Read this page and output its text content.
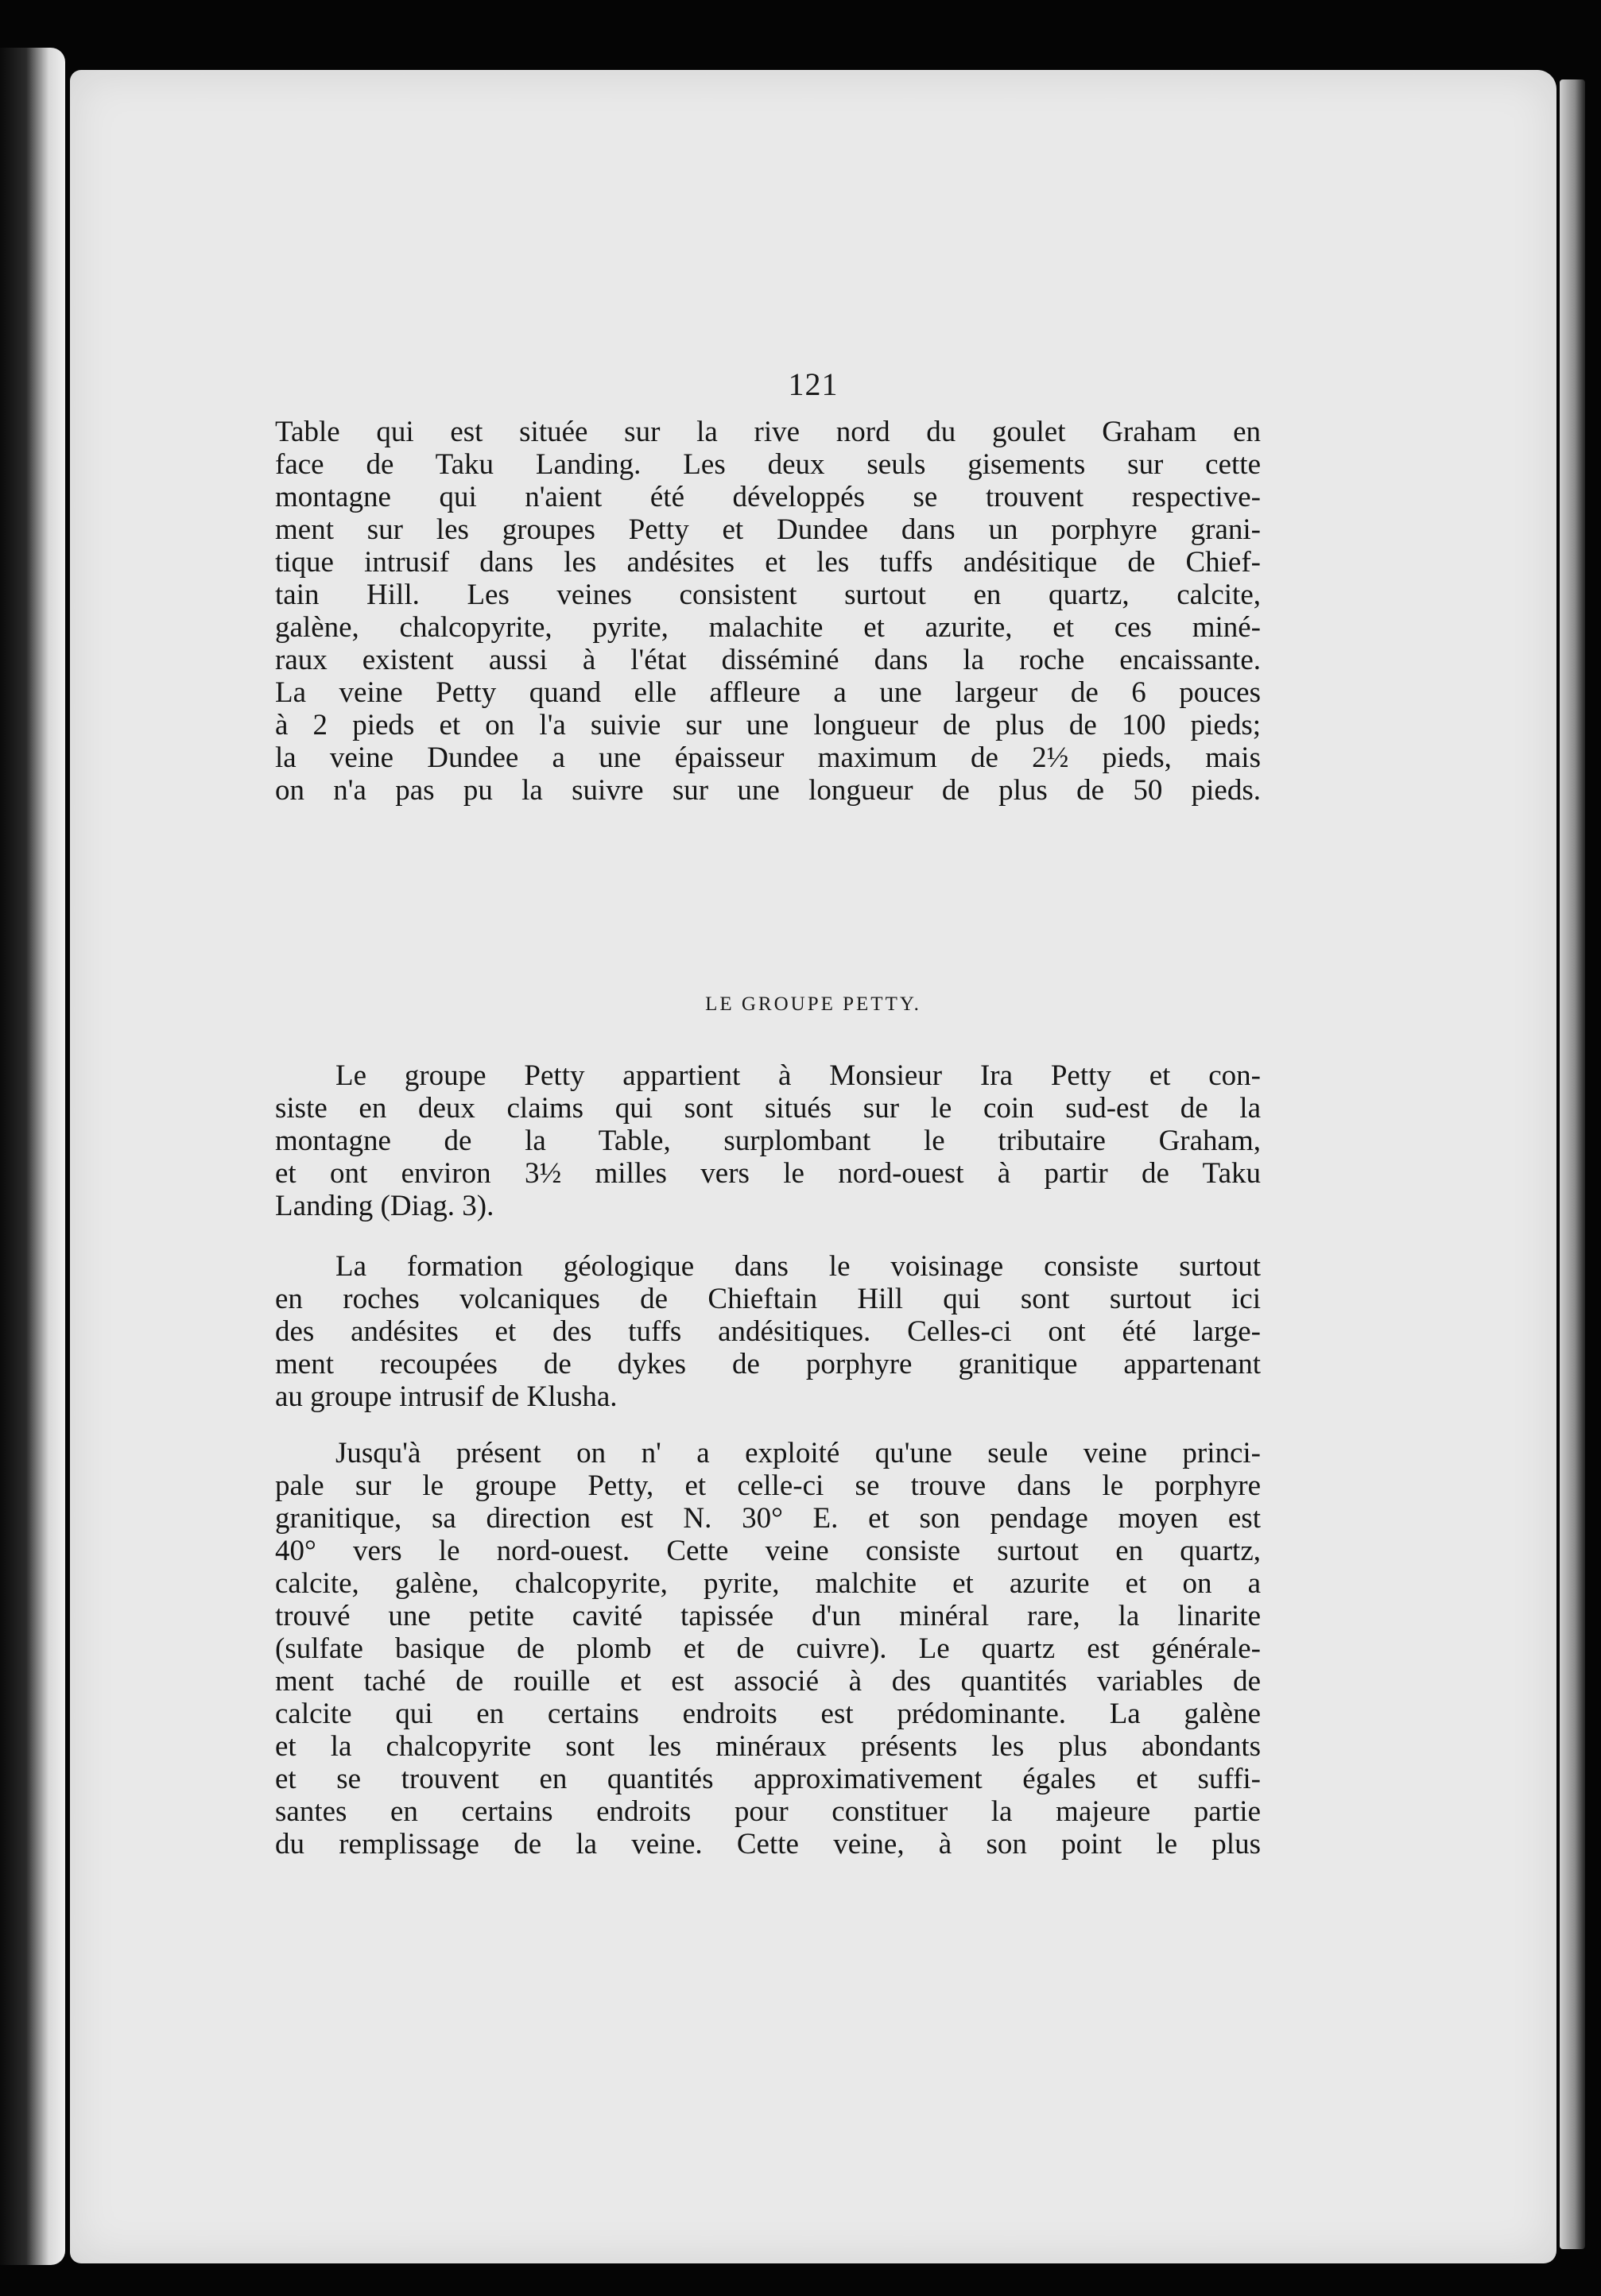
121
Table qui est située sur la rive nord du goulet Graham en
face de Taku Landing. Les deux seuls gisements sur cette
montagne qui n'aient été développés se trouvent respective-
ment sur les groupes Petty et Dundee dans un porphyre grani-
tique intrusif dans les andésites et les tuffs andésitique de Chief-
tain Hill. Les veines consistent surtout en quartz, calcite,
galène, chalcopyrite, pyrite, malachite et azurite, et ces miné-
raux existent aussi à l'état disséminé dans la roche encaissante.
La veine Petty quand elle affleure a une largeur de 6 pouces
à 2 pieds et on l'a suivie sur une longueur de plus de 100 pieds;
la veine Dundee a une épaisseur maximum de 2½ pieds, mais
on n'a pas pu la suivre sur une longueur de plus de 50 pieds.
LE GROUPE PETTY.
Le groupe Petty appartient à Monsieur Ira Petty et con-
siste en deux claims qui sont situés sur le coin sud-est de la
montagne de la Table, surplombant le tributaire Graham,
et ont environ 3½ milles vers le nord-ouest à partir de Taku
Landing (Diag. 3).
La formation géologique dans le voisinage consiste surtout
en roches volcaniques de Chieftain Hill qui sont surtout ici
des andésites et des tuffs andésitiques. Celles-ci ont été large-
ment recoupées de dykes de porphyre granitique appartenant
au groupe intrusif de Klusha.
Jusqu'à présent on n' a exploité qu'une seule veine princi-
pale sur le groupe Petty, et celle-ci se trouve dans le porphyre
granitique, sa direction est N. 30° E. et son pendage moyen est
40° vers le nord-ouest. Cette veine consiste surtout en quartz,
calcite, galène, chalcopyrite, pyrite, malchite et azurite et on a
trouvé une petite cavité tapissée d'un minéral rare, la linarite
(sulfate basique de plomb et de cuivre). Le quartz est générale-
ment taché de rouille et est associé à des quantités variables de
calcite qui en certains endroits est prédominante. La galène
et la chalcopyrite sont les minéraux présents les plus abondants
et se trouvent en quantités approximativement égales et suffi-
santes en certains endroits pour constituer la majeure partie
du remplissage de la veine. Cette veine, à son point le plus
